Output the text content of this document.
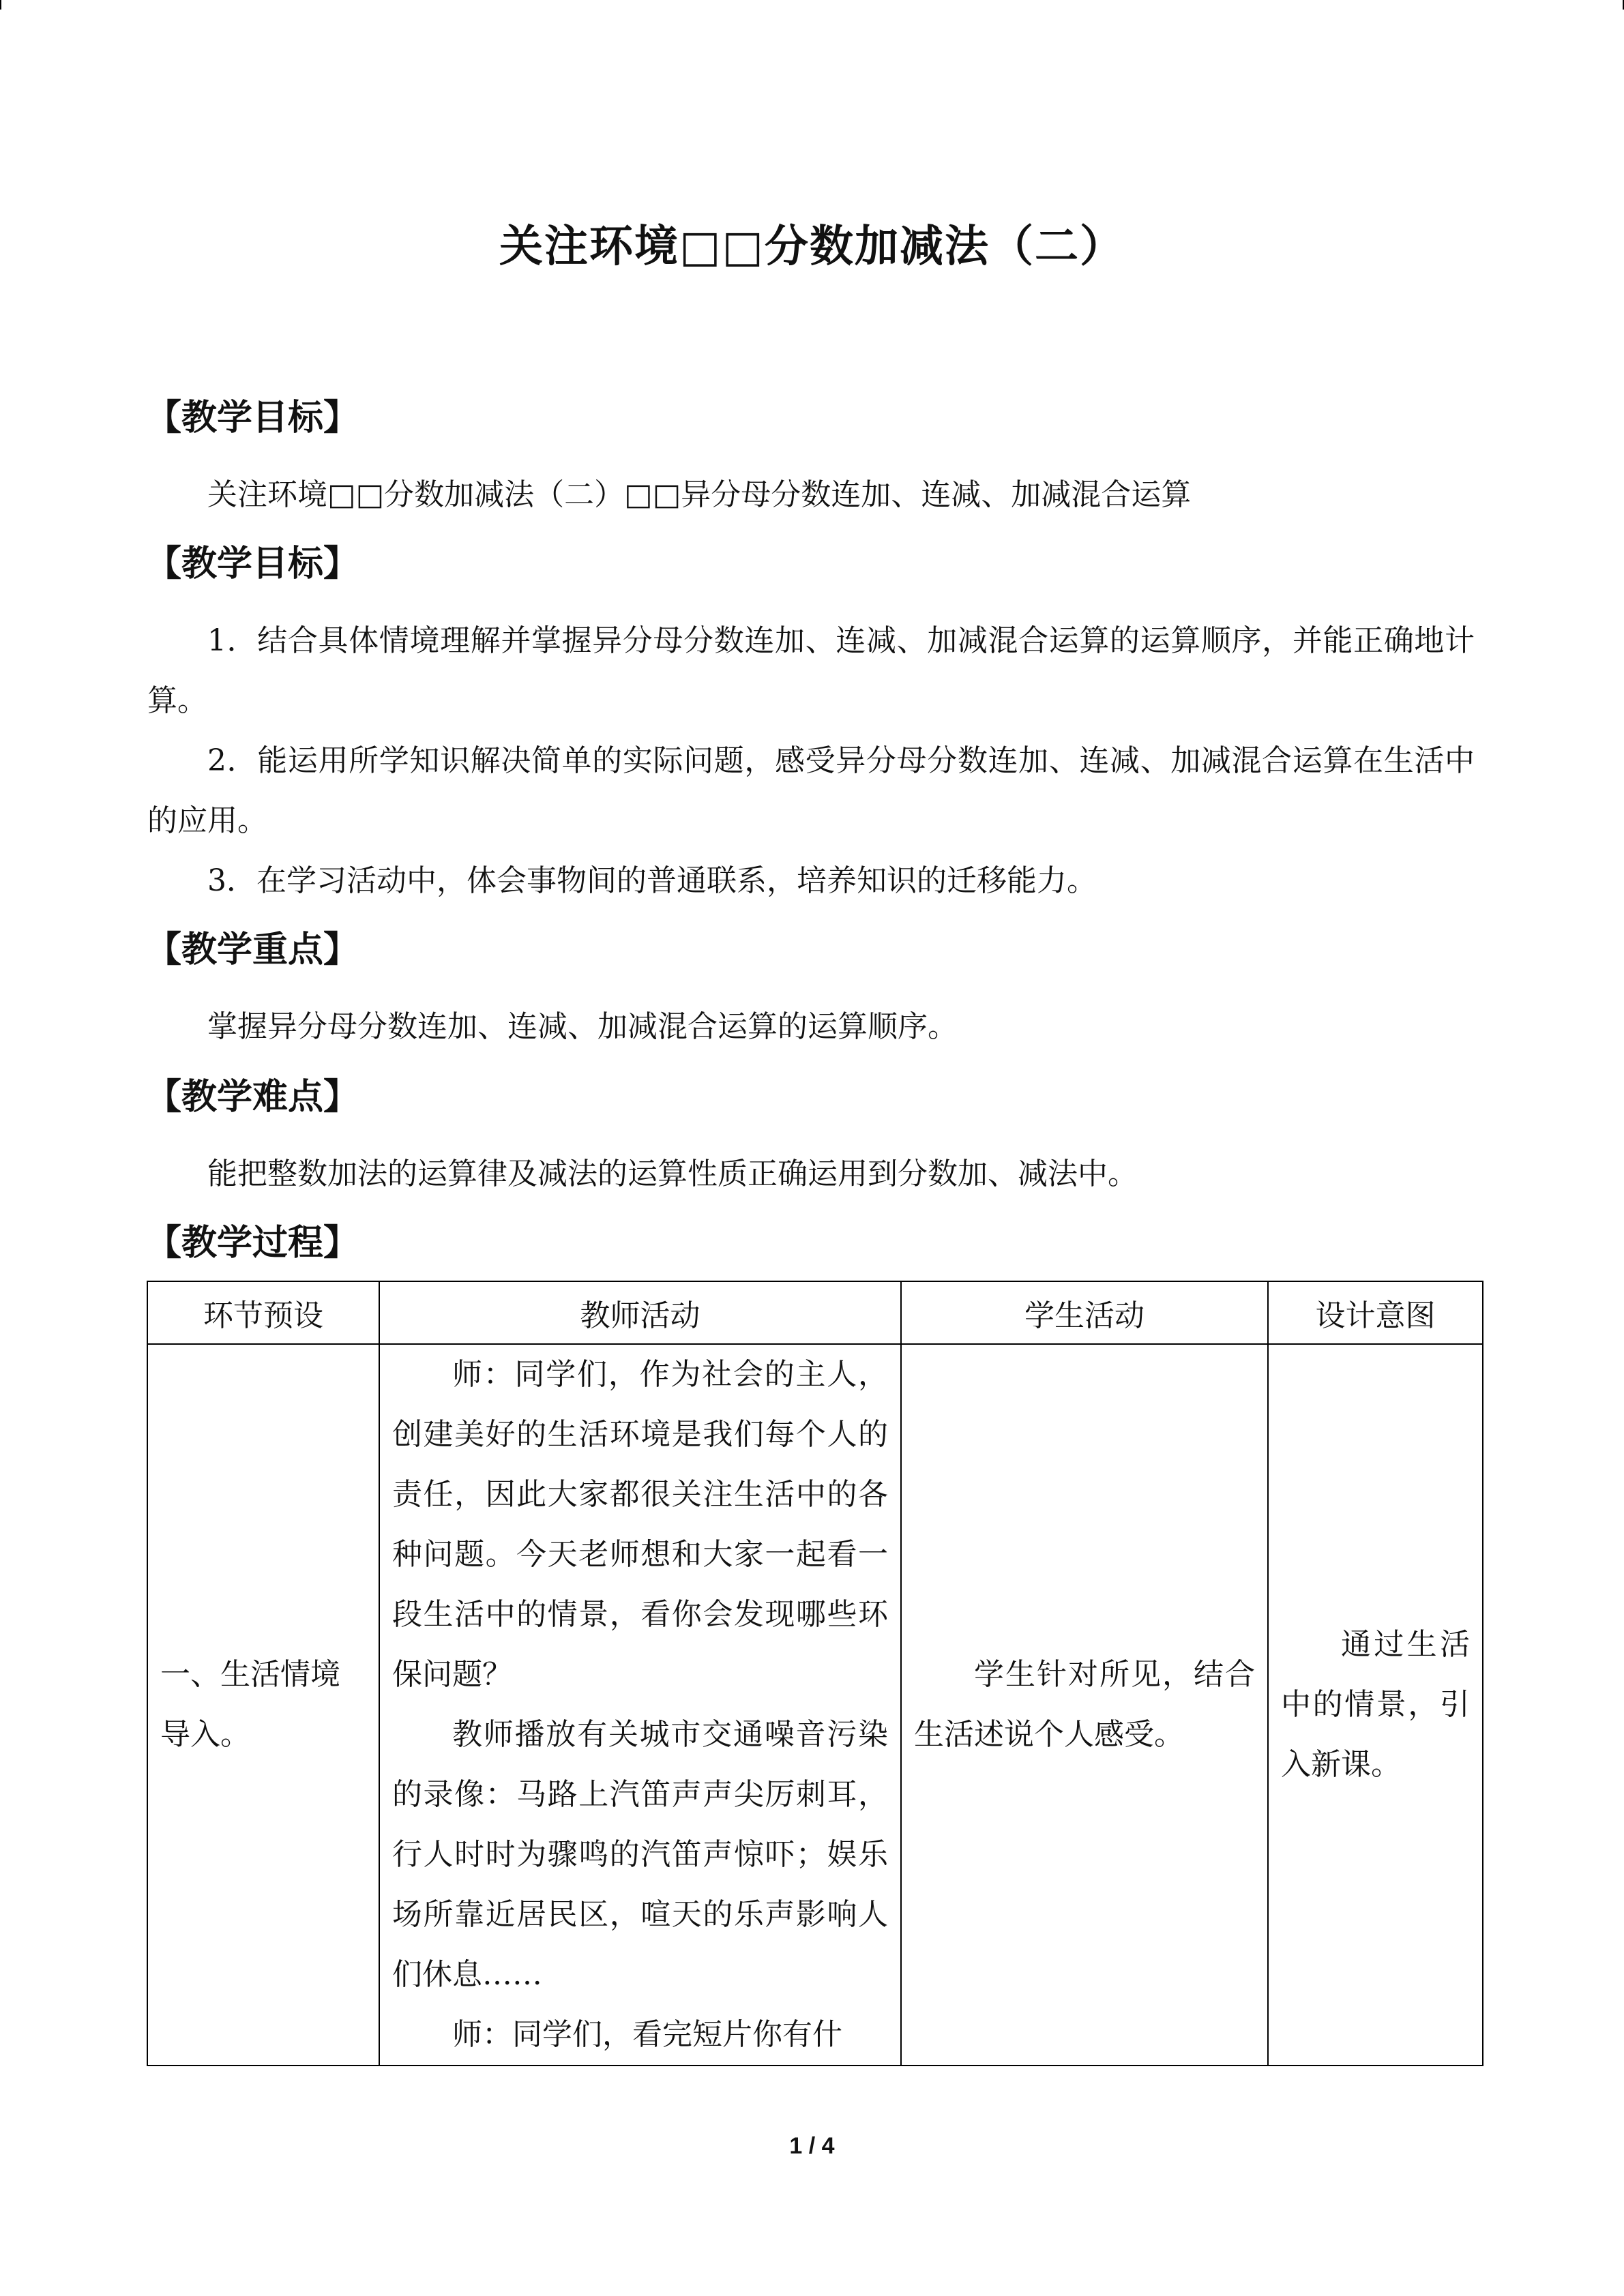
关注环境□□分数加减法（二）
【教学目标】
关注环境□□分数加减法（二）□□异分母分数连加、连减、加减混合运算
【教学目标】
1．结合具体情境理解并掌握异分母分数连加、连减、加减混合运算的运算顺序，并能正确地计算。
2．能运用所学知识解决简单的实际问题，感受异分母分数连加、连减、加减混合运算在生活中的应用。
3．在学习活动中，体会事物间的普通联系，培养知识的迁移能力。
【教学重点】
掌握异分母分数连加、连减、加减混合运算的运算顺序。
【教学难点】
能把整数加法的运算律及减法的运算性质正确运用到分数加、减法中。
【教学过程】
环节预设	教师活动	学生活动	设计意图
一、生活情境导入。	师：同学们，作为社会的主人，创建美好的生活环境是我们每个人的责任，因此大家都很关注生活中的各种问题。今天老师想和大家一起看一段生活中的情景，看你会发现哪些环保问题？

教师播放有关城市交通噪音污染的录像：马路上汽笛声声尖厉刺耳，行人时时为骤鸣的汽笛声惊吓；娱乐场所靠近居民区，喧天的乐声影响人们休息……

师：同学们，看完短片你有什	学生针对所见，结合生活述说个人感受。	通过生活中的情景，引入新课。

1 / 4
